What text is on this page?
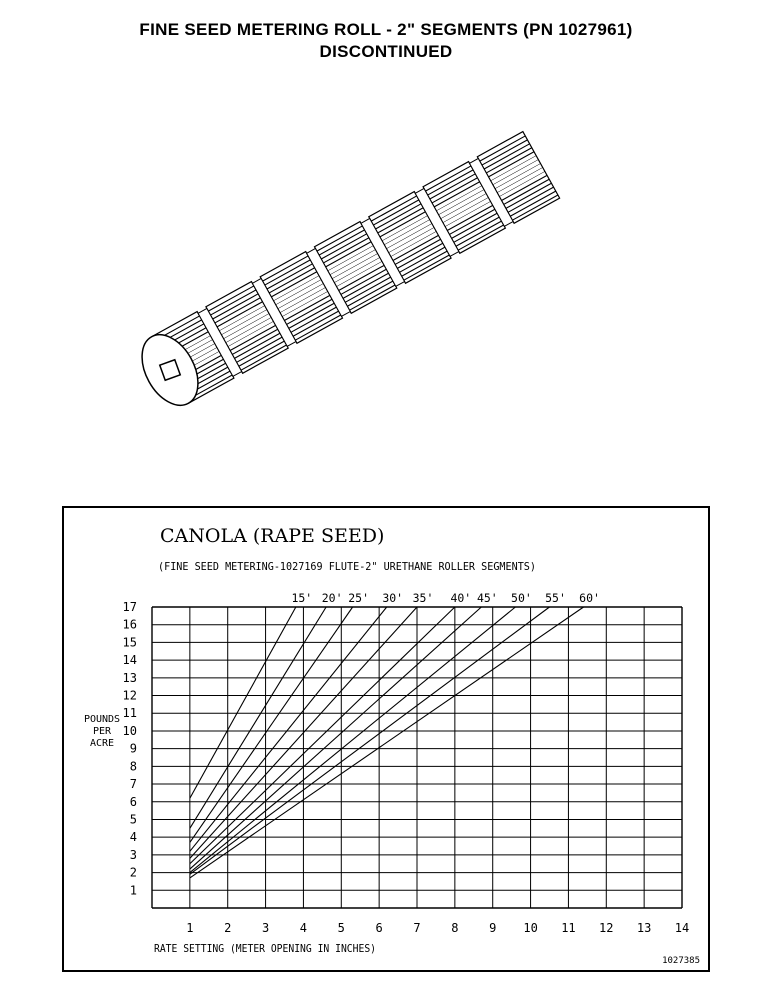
FINE SEED METERING ROLL - 2" SEGMENTS (PN 1027961)
DISCONTINUED
CANOLA (RAPE SEED)
(FINE SEED METERING-1027169 FLUTE-2" URETHANE ROLLER SEGMENTS)
1
2
3
4
5
6
7
8
9
10
11
12
13
14
15
16
17
1	2	3	4	5	6	7	8	9 10 11 12 13 14
POUNDS
PER
ACRE
RATE SETTING (METER OPENING IN INCHES)
15' 20' 25' 30' 35' 40' 45' 50' 55' 60'
1027385
